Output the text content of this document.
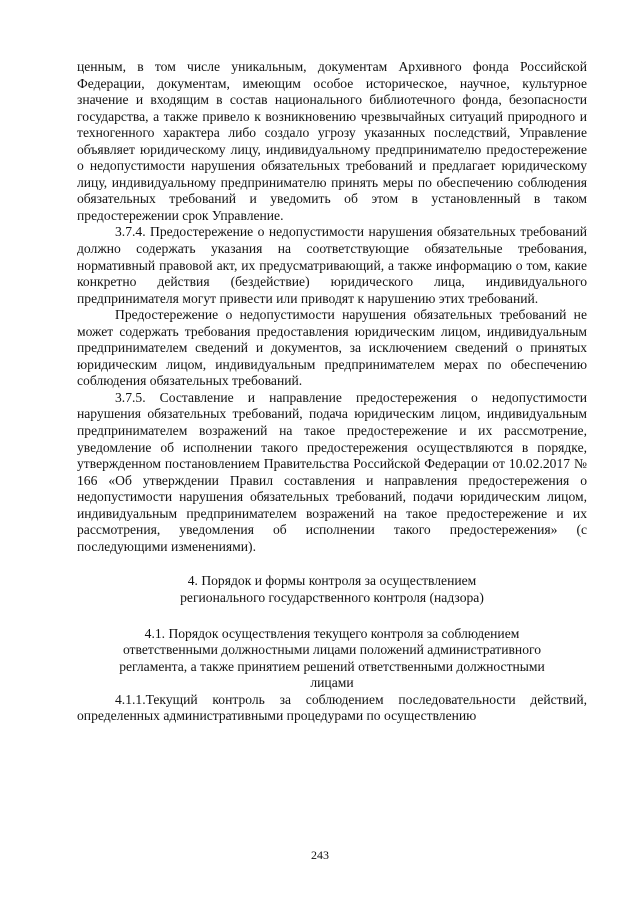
ценным, в том числе уникальным, документам Архивного фонда Российской Федерации, документам, имеющим особое историческое, научное, культурное значение и входящим в состав национального библиотечного фонда, безопасности государства, а также привело к возникновению чрезвычайных ситуаций природного и техногенного характера либо создало угрозу указанных последствий, Управление объявляет юридическому лицу, индивидуальному предпринимателю предостережение о недопустимости нарушения обязательных требований и предлагает юридическому лицу, индивидуальному предпринимателю принять меры по обеспечению соблюдения обязательных требований и уведомить об этом в установленный в таком предостережении срок Управление.

3.7.4. Предостережение о недопустимости нарушения обязательных требований должно содержать указания на соответствующие обязательные требования, нормативный правовой акт, их предусматривающий, а также информацию о том, какие конкретно действия (бездействие) юридического лица, индивидуального предпринимателя могут привести или приводят к нарушению этих требований.

Предостережение о недопустимости нарушения обязательных требований не может содержать требования предоставления юридическим лицом, индивидуальным предпринимателем сведений и документов, за исключением сведений о принятых юридическим лицом, индивидуальным предпринимателем мерах по обеспечению соблюдения обязательных требований.

3.7.5. Составление и направление предостережения о недопустимости нарушения обязательных требований, подача юридическим лицом, индивидуальным предпринимателем возражений на такое предостережение и их рассмотрение, уведомление об исполнении такого предостережения осуществляются в порядке, утвержденном постановлением Правительства Российской Федерации от 10.02.2017 № 166 «Об утверждении Правил составления и направления предостережения о недопустимости нарушения обязательных требований, подачи юридическим лицом, индивидуальным предпринимателем возражений на такое предостережение и их рассмотрения, уведомления об исполнении такого предостережения» (с последующими изменениями).

4. Порядок и формы контроля за осуществлением

регионального государственного контроля (надзора)

4.1. Порядок осуществления текущего контроля за соблюдением

ответственными должностными лицами положений административного

регламента, а также принятием решений ответственными должностными

лицами

4.1.1.Текущий контроль за соблюдением последовательности действий, определенных административными процедурами по осуществлению

243
